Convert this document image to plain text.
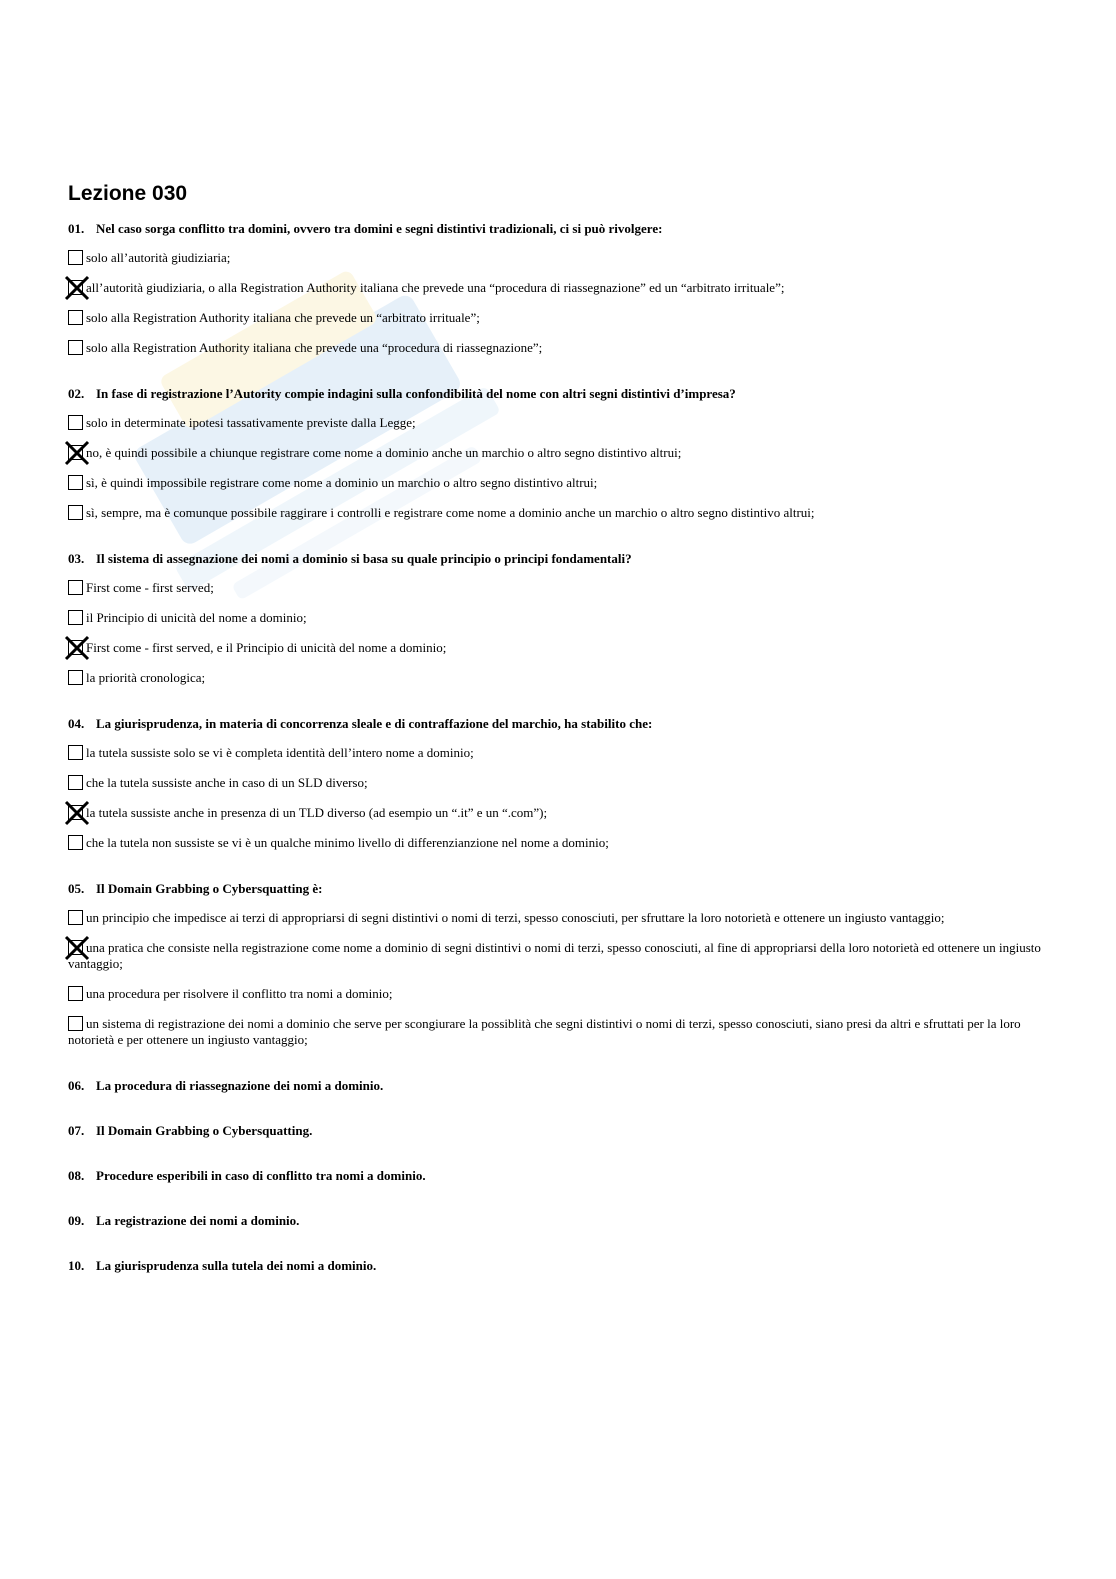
Lezione 030
01. Nel caso sorga conflitto tra domini, ovvero tra domini e segni distintivi tradizionali, ci si può rivolgere:
solo all’autorità giudiziaria;
all’autorità giudiziaria, o alla Registration Authority italiana che prevede una “procedura di riassegnazione” ed un “arbitrato irrituale”;
solo alla Registration Authority italiana che prevede un “arbitrato irrituale”;
solo alla Registration Authority italiana che prevede una “procedura di riassegnazione”;
02. In fase di registrazione l’Autority compie indagini sulla confondibilità del nome con altri segni distintivi d’impresa?
solo in determinate ipotesi tassativamente previste dalla Legge;
no, è quindi possibile a chiunque registrare come nome a dominio anche un marchio o altro segno distintivo altrui;
sì, è quindi impossibile registrare come nome a dominio un marchio o altro segno distintivo altrui;
sì, sempre, ma è comunque possibile raggirare i controlli e registrare come nome a dominio anche un marchio o altro segno distintivo altrui;
03. Il sistema di assegnazione dei nomi a dominio si basa su quale principio o principi fondamentali?
First come - first served;
il Principio di unicità del nome a dominio;
First come - first served, e il Principio di unicità del nome a dominio;
la priorità cronologica;
04. La giurisprudenza, in materia di concorrenza sleale e di contraffazione del marchio, ha stabilito che:
la tutela sussiste solo se vi è completa identità dell’intero nome a dominio;
che la tutela sussiste anche in caso di un SLD diverso;
la tutela sussiste anche in presenza di un TLD diverso (ad esempio un “.it” e un “.com”);
che la tutela non sussiste se vi è un qualche minimo livello di differenzianzione nel nome a dominio;
05. Il Domain Grabbing o Cybersquatting è:
un principio che impedisce ai terzi di appropriarsi di segni distintivi o nomi di terzi, spesso conosciuti, per sfruttare la loro notorietà e ottenere un ingiusto vantaggio;
una pratica che consiste nella registrazione come nome a dominio di segni distintivi o nomi di terzi, spesso conosciuti, al fine di appropriarsi della loro notorietà ed ottenere un ingiusto vantaggio;
una procedura per risolvere il conflitto tra nomi a dominio;
un sistema di registrazione dei nomi a dominio che serve per scongiurare la possiblità che segni distintivi o nomi di terzi, spesso conosciuti, siano presi da altri e sfruttati per la loro notorietà e per ottenere un ingiusto vantaggio;
06. La procedura di riassegnazione dei nomi a dominio.
07. Il Domain Grabbing o Cybersquatting.
08. Procedure esperibili in caso di conflitto tra nomi a dominio.
09. La registrazione dei nomi a dominio.
10. La giurisprudenza sulla tutela dei nomi a dominio.
